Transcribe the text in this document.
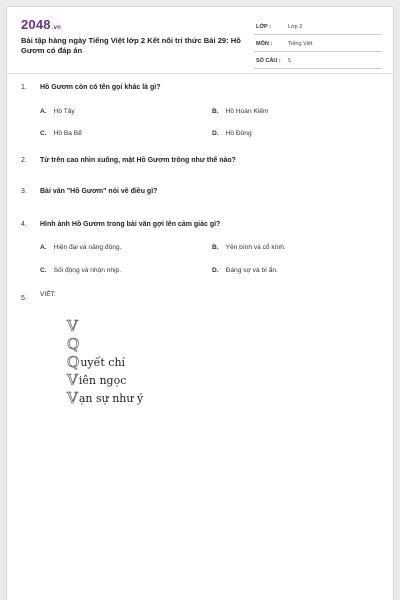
2048.vn
Bài tập hàng ngày Tiếng Việt lớp 2 Kết nối tri thức Bài 29: Hồ Gươm có đáp án
LỚP :	Lớp 2
MÔN :	Tiếng Việt
SỐ CÂU : 5
1. Hồ Gươm còn có tên gọi khác là gì?
A. Hồ Tây	B. Hồ Hoàn Kiếm
C. Hồ Ba Bể	D. Hồ Đồng
2. Từ trên cao nhìn xuống, mặt Hồ Gươm trông như thế nào?
3. Bài văn "Hồ Gươm" nói về điều gì?
4. Hình ảnh Hồ Gươm trong bài văn gợi lên cảm giác gì?
A. Hiện đại và năng động.	B. Yên bình và cổ kính.
C. Sôi động và nhộn nhịp.	D. Đáng sợ và bí ẩn.
5.
VIẾT:
V
Q
Q uyết chí
V iên ngọc
V ạn sự như ý
